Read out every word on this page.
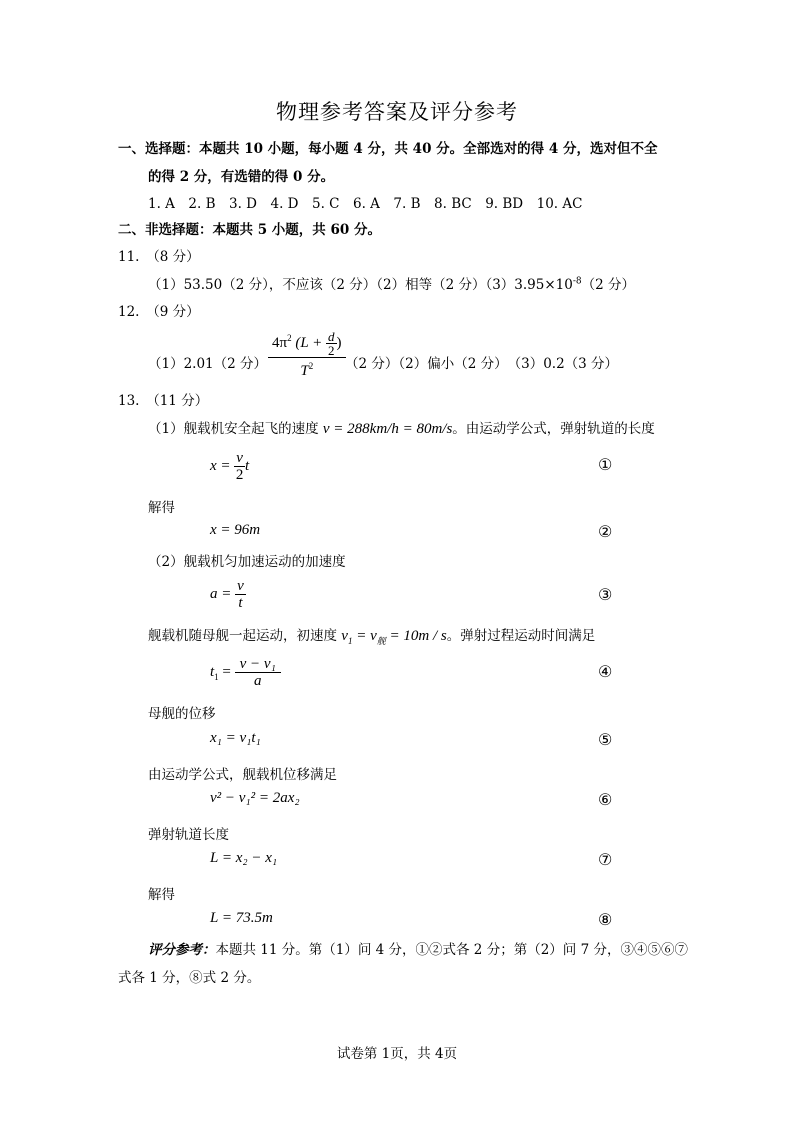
物理参考答案及评分参考
一、选择题：本题共 10 小题，每小题 4 分，共 40 分。全部选对的得 4 分，选对但不全
的得 2 分，有选错的得 0 分。
1. A　2. B　3. D　4. D　5. C　6. A　7. B　8. BC　9. BD　10. AC
二、非选择题：本题共 5 小题，共 60 分。
11.　（8 分）
（1）53.50（2 分），不应该（2 分）（2）相等（2 分）$(3)3.95\times 10^{-8}(2$ 分）
12.　（9 分）
（1）2.01（2 分） $\frac{4\pi^2 (L + \frac{d}{2} )}{T^2} (2$ 分）（2）偏小（2 分）　（3）0.2（3 分）
13.　（11 分）
（1）舰载机安全起飞的速度 v = 288km/h = 80m/s。由运动学公式，弹射轨道的长度
$x = \frac{v}{2}$ t	①
解得
x = 96m	②
（2）舰载机匀加速运动的加速度
$a = \frac{v}{t}$	③
舰载机随母舰一起运动，初速度 $v_1 = v_舰 = 10m / s$。弹射过程运动时间满足
$t_1 = \frac{\text{v − v₁}}{a}$	④
母舰的位移
x₁ = v₁t₁	⑤
由运动学公式，舰载机位移满足
v² − v₁² = 2ax₂	⑥
弹射轨道长度
L = x₂ − x₁	⑦
解得
L = 73.5m	⑧
评分参考：本题共 11 分。第（1）问 4 分，①②式各 2 分；第（2）问 7 分，③④⑤⑥⑦
式各 1 分，⑧式 2 分。
试卷第 1页，共 4页
